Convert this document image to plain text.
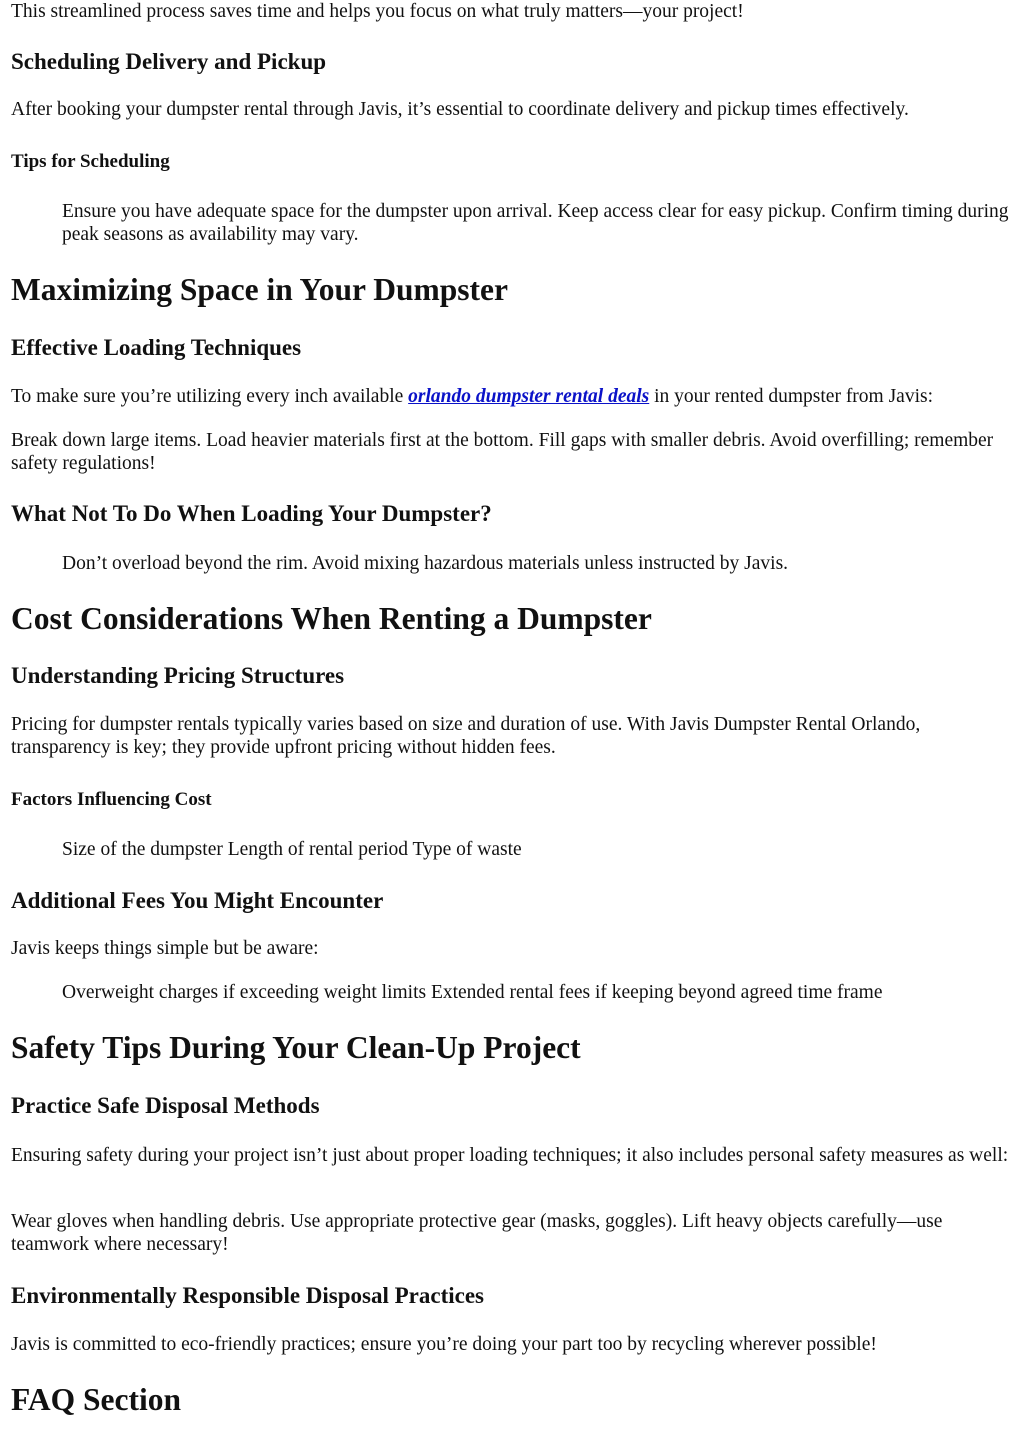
This streamlined process saves time and helps you focus on what truly matters—your project!

Scheduling Delivery and Pickup

After booking your dumpster rental through Javis, it’s essential to coordinate delivery and pickup times effectively.

Tips for Scheduling
Ensure you have adequate space for the dumpster upon arrival. Keep access clear for easy pickup. Confirm timing during peak seasons as availability may vary.
Maximizing Space in Your Dumpster
Effective Loading Techniques

To make sure you’re utilizing every inch available orlando dumpster rental deals in your rented dumpster from Javis:

Break down large items. Load heavier materials first at the bottom. Fill gaps with smaller debris. Avoid overfilling; remember safety regulations!

What Not To Do When Loading Your Dumpster?
Don’t overload beyond the rim. Avoid mixing hazardous materials unless instructed by Javis.
Cost Considerations When Renting a Dumpster
Understanding Pricing Structures

Pricing for dumpster rentals typically varies based on size and duration of use. With Javis Dumpster Rental Orlando, transparency is key; they provide upfront pricing without hidden fees.

Factors Influencing Cost
Size of the dumpster Length of rental period Type of waste
Additional Fees You Might Encounter

Javis keeps things simple but be aware:

Overweight charges if exceeding weight limits Extended rental fees if keeping beyond agreed time frame
Safety Tips During Your Clean-Up Project
Practice Safe Disposal Methods

Ensuring safety during your project isn’t just about proper loading techniques; it also includes personal safety measures as well:

Wear gloves when handling debris. Use appropriate protective gear (masks, goggles). Lift heavy objects carefully—use teamwork where necessary!

Environmentally Responsible Disposal Practices

Javis is committed to eco-friendly practices; ensure you’re doing your part too by recycling wherever possible!

FAQ Section
